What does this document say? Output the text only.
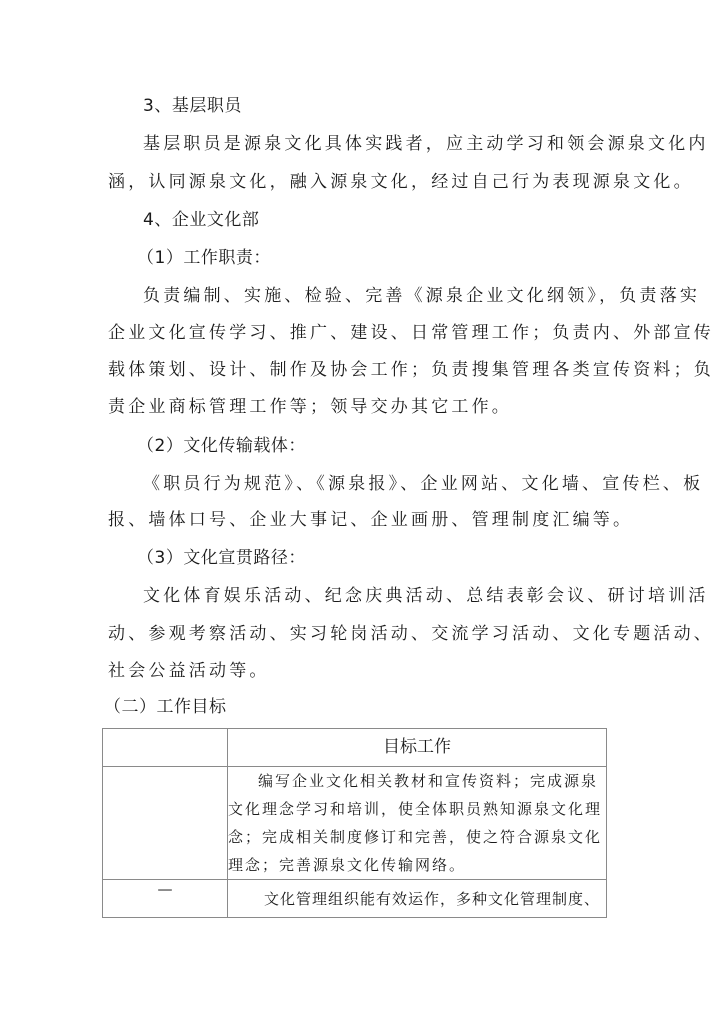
3、基层职员
基层职员是源泉文化具体实践者，应主动学习和领会源泉文化内
涵，认同源泉文化，融入源泉文化，经过自己行为表现源泉文化。
4、企业文化部
（1）工作职责：
负责编制、实施、检验、完善《源泉企业文化纲领》，负责落实
企业文化宣传学习、推广、建设、日常管理工作；负责内、外部宣传
载体策划、设计、制作及协会工作；负责搜集管理各类宣传资料；负
责企业商标管理工作等；领导交办其它工作。
（2）文化传输载体：
《职员行为规范》、《源泉报》、企业网站、文化墙、宣传栏、板
报、墙体口号、企业大事记、企业画册、管理制度汇编等。
（3）文化宣贯路径：
文化体育娱乐活动、纪念庆典活动、总结表彰会议、研讨培训活
动、参观考察活动、实习轮岗活动、交流学习活动、文化专题活动、
社会公益活动等。
（二）工作目标
	目标工作

	编写企业文化相关教材和宣传资料；完成源泉
文化理念学习和培训，使全体职员熟知源泉文化理
念；完成相关制度修订和完善，使之符合源泉文化
理念；完善源泉文化传输网络。

—	文化管理组织能有效运作，多种文化管理制度、
